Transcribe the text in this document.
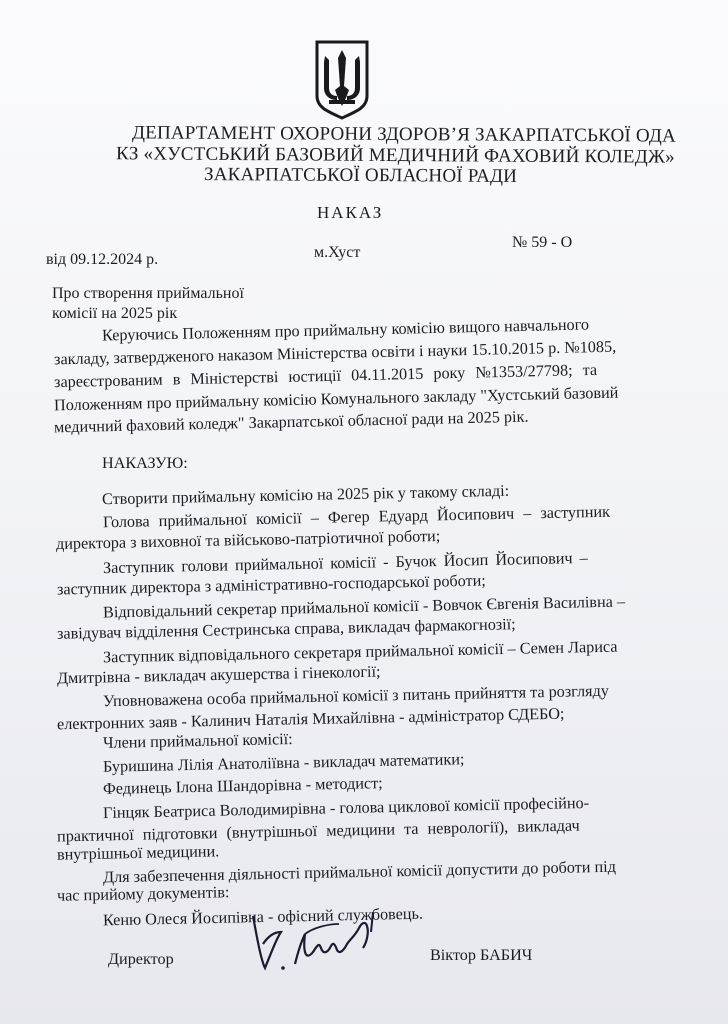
ДЕПАРТАМЕНТ ОХОРОНИ ЗДОРОВ’Я ЗАКАРПАТСЬКОЇ ОДА
КЗ «ХУСТСЬКИЙ БАЗОВИЙ МЕДИЧНИЙ ФАХОВИЙ КОЛЕДЖ»
ЗАКАРПАТСЬКОЇ ОБЛАСНОЇ РАДИ
НАКАЗ
від 09.12.2024 р.	м.Хуст
№ 59 - О
Про створення приймальної
комісії на 2025 рік
Керуючись Положенням про приймальну комісію вищого навчального
закладу, затвердженого наказом Міністерства освіти і науки 15.10.2015 р. №1085,
зареєстрованим в Міністерстві юстиції 04.11.2015 року №1353/27798; та
Положенням про приймальну комісію Комунального закладу "Хустський базовий
медичний фаховий коледж" Закарпатської обласної ради на 2025 рік.
НАКАЗУЮ:
Створити приймальну комісію на 2025 рік у такому складі:
Голова приймальної комісії – Фегер Едуард Йосипович – заступник
директора з виховної та військово-патріотичної роботи;
Заступник голови приймальної комісії - Бучок Йосип Йосипович –
заступник директора з адміністративно-господарської роботи;
Відповідальний секретар приймальної комісії - Вовчок Євгенія Василівна –
завідувач відділення Сестринська справа, викладач фармакогнозії;
Заступник відповідального секретаря приймальної комісії – Семен Лариса
Дмитрівна - викладач акушерства і гінекології;
Уповноважена особа приймальної комісії з питань прийняття та розгляду
електронних заяв - Калинич Наталія Михайлівна - адміністратор СДЕБО;
Члени приймальної комісії:
Буришина Лілія Анатоліївна - викладач математики;
Фединець Ілона Шандорівна - методист;
Гінцяк Беатриса Володимирівна - голова циклової комісії професійно-
практичної підготовки (внутрішньої медицини та неврології), викладач
внутрішньої медицини.
Для забезпечення діяльності приймальної комісії допустити до роботи під
час прийому документів:
Кеню Олеся Йосипівна - офісний службовець.
Директор	Віктор БАБИЧ
